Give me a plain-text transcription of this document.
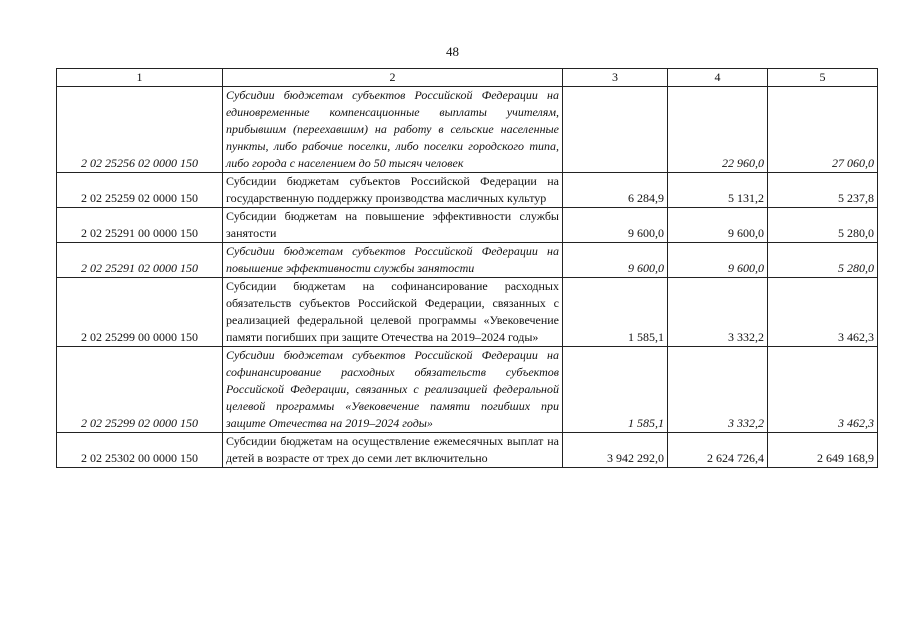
48
1	2	3	4	5
2 02 25256 02 0000 150	Субсидии бюджетам субъектов Российской Федерации на единовременные компенсационные выплаты учителям, прибывшим (переехавшим) на работу в сельские населенные пункты, либо рабочие поселки, либо поселки городского типа, либо города с населением до 50 тысяч человек		22 960,0	27 060,0
2 02 25259 02 0000 150	Субсидии бюджетам субъектов Российской Федерации на государственную поддержку производства масличных культур	6 284,9	5 131,2	5 237,8
2 02 25291 00 0000 150	Субсидии бюджетам на повышение эффективности службы занятости	9 600,0	9 600,0	5 280,0
2 02 25291 02 0000 150	Субсидии бюджетам субъектов Российской Федерации на повышение эффективности службы занятости	9 600,0	9 600,0	5 280,0
2 02 25299 00 0000 150	Субсидии бюджетам на софинансирование расходных обязательств субъектов Российской Федерации, связанных с реализацией федеральной целевой программы «Увековечение памяти погибших при защите Отечества на 2019–2024 годы»	1 585,1	3 332,2	3 462,3
2 02 25299 02 0000 150	Субсидии бюджетам субъектов Российской Федерации на софинансирование расходных обязательств субъектов Российской Федерации, связанных с реализацией федеральной целевой программы «Увековечение памяти погибших при защите Отечества на 2019–2024 годы»	1 585,1	3 332,2	3 462,3
2 02 25302 00 0000 150	Субсидии бюджетам на осуществление ежемесячных выплат на детей в возрасте от трех до семи лет включительно	3 942 292,0	2 624 726,4	2 649 168,9
